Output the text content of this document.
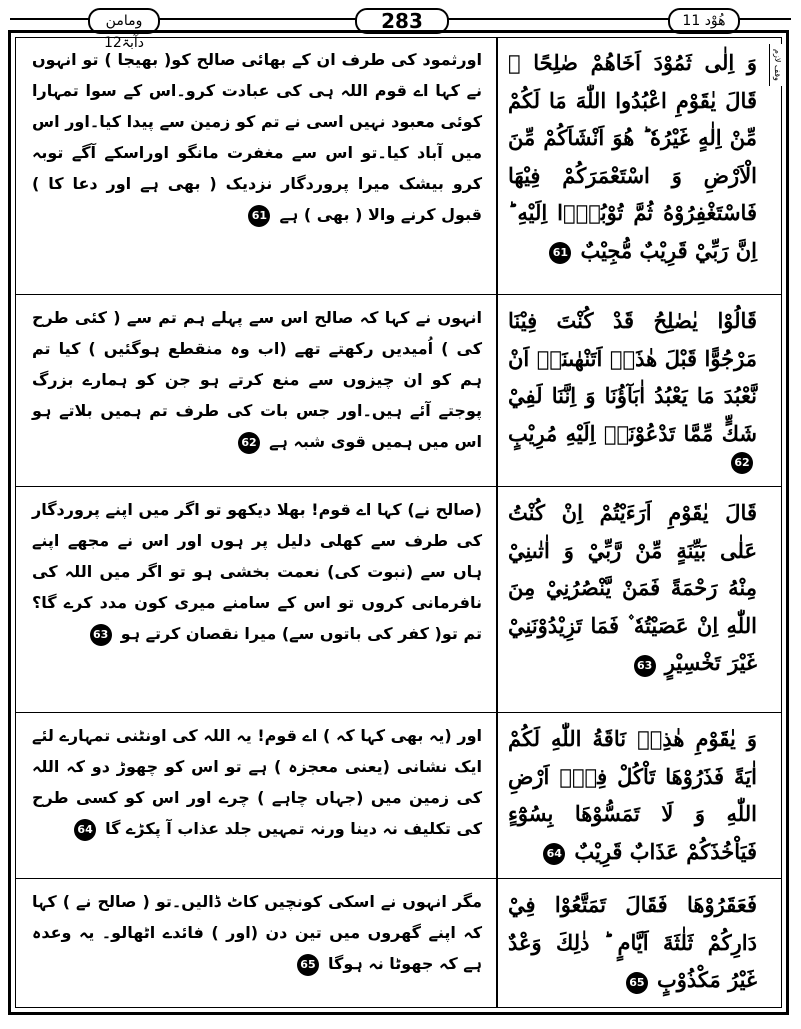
ومامن دآبۃ12
283	هُوْد 11
وقف لازم
وَ اِلٰى ثَمُوْدَ اَخَاهُمْ صٰلِحًا ۘ قَالَ يٰقَوْمِ اعْبُدُوا اللّٰهَ مَا لَكُمْ مِّنْ اِلٰهٍ غَيْرُهٗ ؕ هُوَ اَنْشَاَكُمْ مِّنَ الْاَرْضِ وَ اسْتَعْمَرَكُمْ فِيْهَا فَاسْتَغْفِرُوْهُ ثُمَّ تُوْبُوْۤا اِلَيْهِ ؕ اِنَّ رَبِّيْ قَرِيْبٌ مُّجِيْبٌ 61
اورثمود کی طرف ان کے بھائی صالح کو( بھیجا ) تو انہوں نے کہا اے قوم اللہ ہی کی عبادت کرو۔اس کے سوا تمہارا کوئی معبود نہیں اسی نے تم کو زمین سے پیدا کیا۔اور اس میں آباد کیا۔تو اس سے مغفرت مانگو اوراسکے آگے توبہ کرو بیشک میرا پروردگار نزدیک ( بھی ہے اور دعا کا ) قبول کرنے والا ( بھی ) ہے 61
قَالُوْا يٰصٰلِحُ قَدْ كُنْتَ فِيْنَا مَرْجُوًّا قَبْلَ هٰذَاۤ اَتَنْهٰىنَاۤ اَنْ نَّعْبُدَ مَا يَعْبُدُ اٰبَآؤُنَا وَ اِنَّنَا لَفِيْ شَكٍّ مِّمَّا تَدْعُوْنَاۤ اِلَيْهِ مُرِيْبٍ 62
انہوں نے کہا کہ صالح اس سے پہلے ہم تم سے ( کئی طرح کی ) اُمیدیں رکھتے تھے (اب وہ منقطع ہوگئیں ) کیا تم ہم کو ان چیزوں سے منع کرتے ہو جن کو ہمارے بزرگ پوجتے آئے ہیں۔اور جس بات کی طرف تم ہمیں بلاتے ہو اس میں ہمیں قوی شبہ ہے 62
قَالَ يٰقَوْمِ اَرَءَيْتُمْ اِنْ كُنْتُ عَلٰى بَيِّنَةٍ مِّنْ رَّبِّيْ وَ اٰتٰىنِيْ مِنْهُ رَحْمَةً فَمَنْ يَّنْصُرُنِيْ مِنَ اللّٰهِ اِنْ عَصَيْتُهٗ ۫ فَمَا تَزِيْدُوْنَنِيْ غَيْرَ تَخْسِيْرٍ 63
(صالح نے) کہا اے قوم! بھلا دیکھو تو اگر میں اپنے پروردگار کی طرف سے کھلی دلیل پر ہوں اور اس نے مجھے اپنے ہاں سے (نبوت کی) نعمت بخشی ہو تو اگر میں اللہ کی نافرمانی کروں تو اس کے سامنے میری کون مدد کرے گا؟ تم تو( کفر کی باتوں سے) میرا نقصان کرتے ہو 63
وَ يٰقَوْمِ هٰذِهٖ نَاقَةُ اللّٰهِ لَكُمْ اٰيَةً فَذَرُوْهَا تَاْكُلْ فِيْۤ اَرْضِ اللّٰهِ وَ لَا تَمَسُّوْهَا بِسُوْٓءٍ فَيَاْخُذَكُمْ عَذَابٌ قَرِيْبٌ 64
اور (یہ بھی کہا کہ ) اے قوم! یہ اللہ کی اونٹنی تمہارے لئے ایک نشانی (یعنی معجزہ ) ہے تو اس کو چھوڑ دو کہ اللہ کی زمین میں (جہاں چاہے ) چرے اور اس کو کسی طرح کی تکلیف نہ دینا ورنہ تمہیں جلد عذاب آ پکڑے گا 64
فَعَقَرُوْهَا فَقَالَ تَمَتَّعُوْا فِيْ دَارِكُمْ ثَلٰثَةَ اَيَّامٍ ؕ ذٰلِكَ وَعْدٌ غَيْرُ مَكْذُوْبٍ 65
مگر انہوں نے اسکی کونچیں کاٹ ڈالیں۔تو ( صالح نے ) کہا کہ اپنے گھروں میں تین دن (اور ) فائدے اٹھالو۔ یہ وعدہ ہے کہ جھوٹا نہ ہوگا 65
